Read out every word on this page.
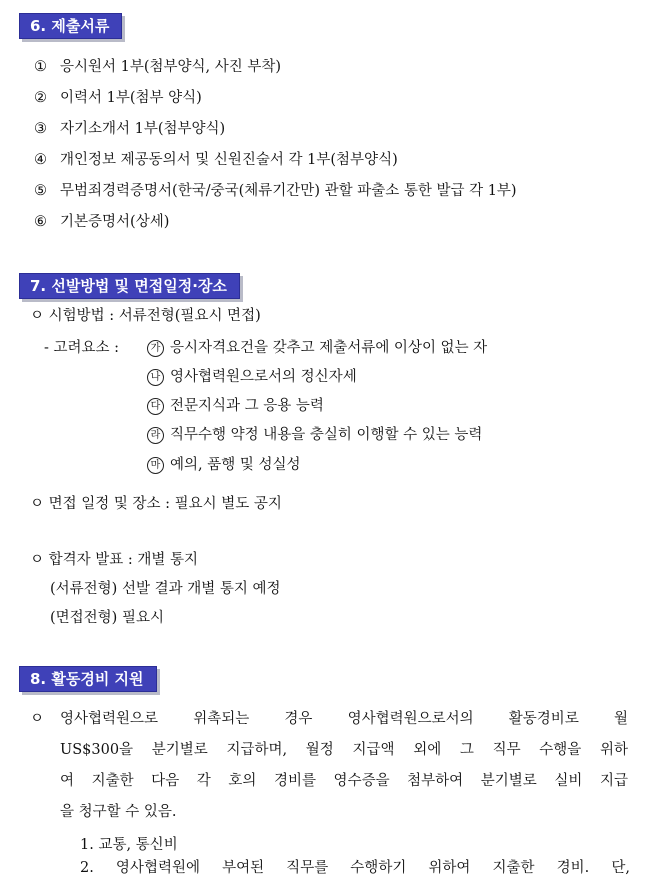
6. 제출서류
① 응시원서 1부(첨부양식, 사진 부착)
② 이력서 1부(첨부 양식)
③ 자기소개서 1부(첨부양식)
④ 개인정보 제공동의서 및 신원진술서 각 1부(첨부양식)
⑤ 무범죄경력증명서(한국/중국(체류기간만) 관할 파출소 통한 발급 각 1부)
⑥ 기본증명서(상세)
7. 선발방법 및 면접일정·장소
ㅇ 시험방법 : 서류전형(필요시 면접)
- 고려요소 :	가 응시자격요건을 갖추고 제출서류에 이상이 없는 자
나 영사협력원으로서의 정신자세
다 전문지식과 그 응용 능력
라 직무수행 약정 내용을 충실히 이행할 수 있는 능력
마 예의, 품행 및 성실성
ㅇ 면접 일정 및 장소 : 필요시 별도 공지
ㅇ 합격자 발표 : 개별 통지
(서류전형) 선발 결과 개별 통지 예정
(면접전형) 필요시
8. 활동경비 지원
ㅇ 영사협력원으로 위촉되는 경우 영사협력원으로서의 활동경비로 월
US$300을 분기별로 지급하며, 월정 지급액 외에 그 직무 수행을 위하
여 지출한 다음 각 호의 경비를 영수증을 첨부하여 분기별로 실비 지급
을 청구할 수 있음.
1. 교통, 통신비
2. 영사협력원에 부여된 직무를 수행하기 위하여 지출한 경비. 단,
